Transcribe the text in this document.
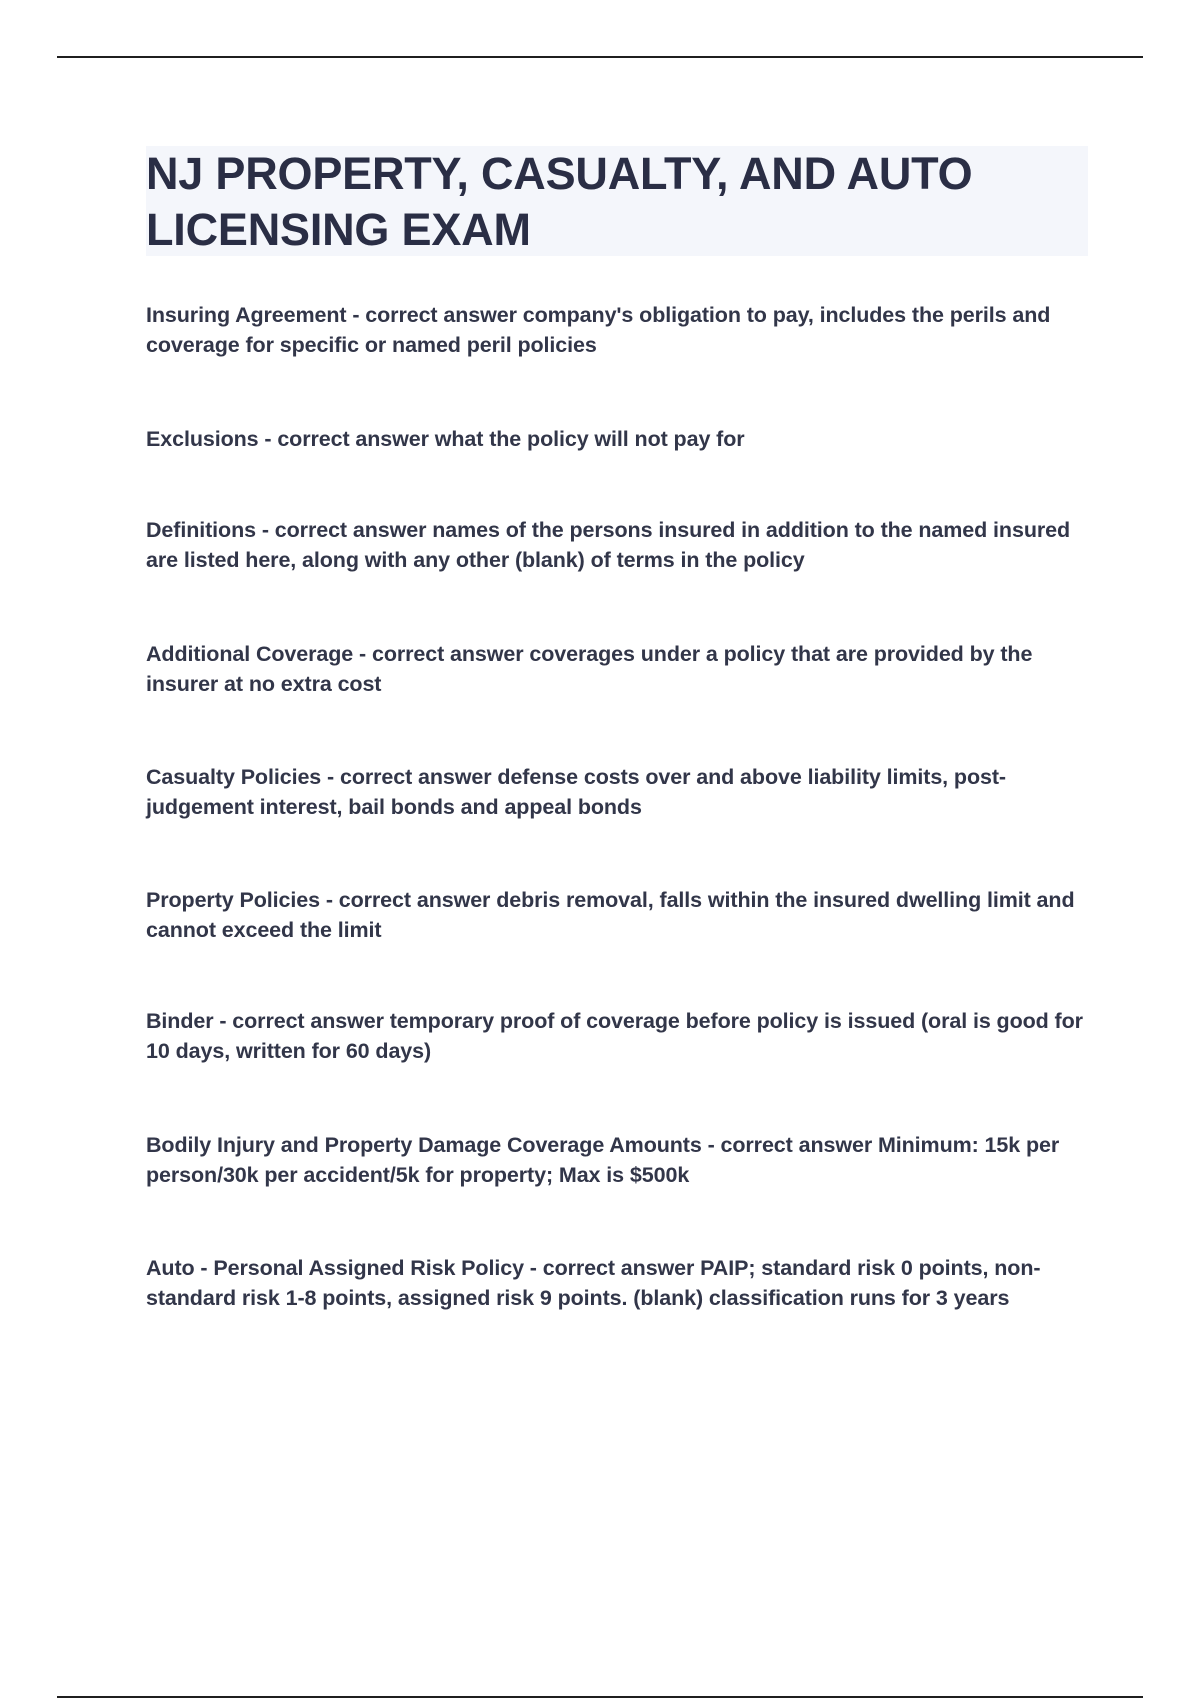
NJ PROPERTY, CASUALTY, AND AUTO LICENSING EXAM

Insuring Agreement - correct answer company's obligation to pay, includes the perils and coverage for specific or named peril policies

Exclusions - correct answer what the policy will not pay for

Definitions - correct answer names of the persons insured in addition to the named insured are listed here, along with any other (blank) of terms in the policy

Additional Coverage - correct answer coverages under a policy that are provided by the insurer at no extra cost

Casualty Policies - correct answer defense costs over and above liability limits, post-judgement interest, bail bonds and appeal bonds

Property Policies - correct answer debris removal, falls within the insured dwelling limit and cannot exceed the limit

Binder - correct answer temporary proof of coverage before policy is issued (oral is good for 10 days, written for 60 days)

Bodily Injury and Property Damage Coverage Amounts - correct answer Minimum: 15k per person/30k per accident/5k for property; Max is $500k

Auto - Personal Assigned Risk Policy - correct answer PAIP; standard risk 0 points, non-standard risk 1-8 points, assigned risk 9 points. (blank) classification runs for 3 years
